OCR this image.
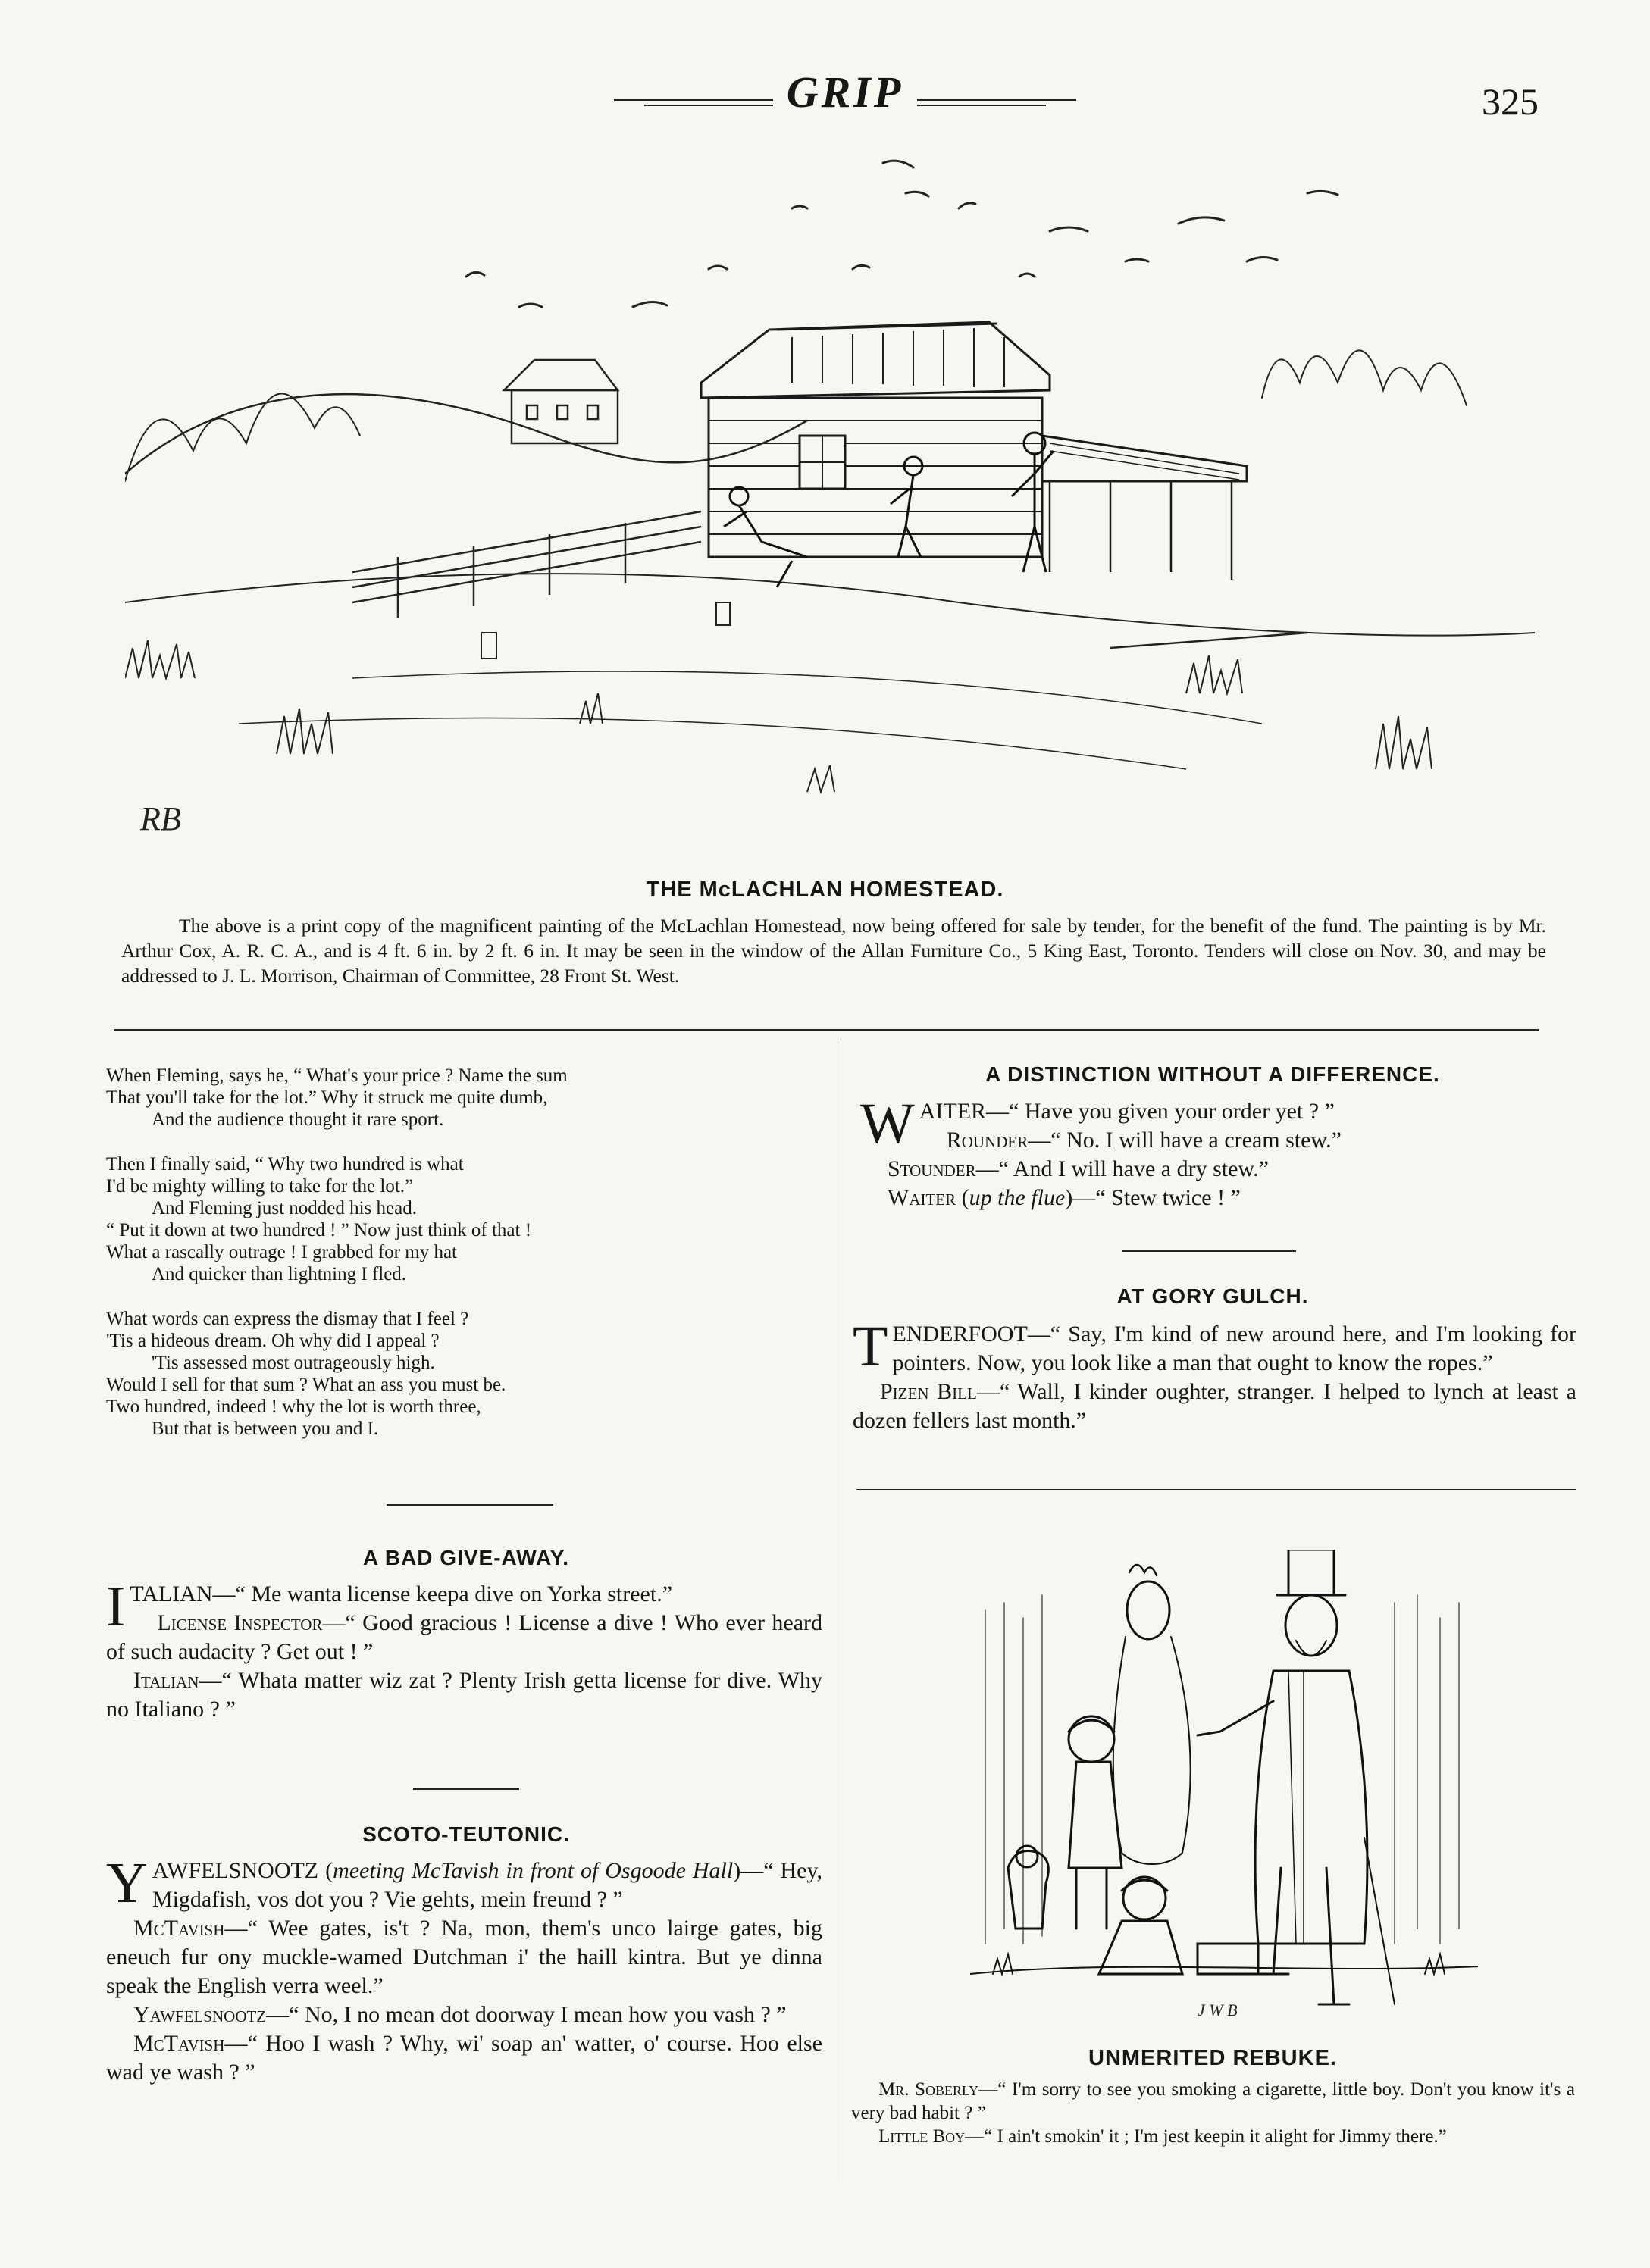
GRIP	325
RB
THE McLACHLAN HOMESTEAD.

The above is a print copy of the magnificent painting of the McLachlan Homestead, now being offered for sale by tender, for the benefit of the fund. The painting is by Mr. Arthur Cox, A. R. C. A., and is 4 ft. 6 in. by 2 ft. 6 in. It may be seen in the window of the Allan Furniture Co., 5 King East, Toronto. Tenders will close on Nov. 30, and may be addressed to J. L. Morrison, Chairman of Committee, 28 Front St. West.

When Fleming, says he, “ What's your price ? Name the sum
That you'll take for the lot.” Why it struck me quite dumb,
And the audience thought it rare sport.
Then I finally said, “ Why two hundred is what
I'd be mighty willing to take for the lot.”
And Fleming just nodded his head.
“ Put it down at two hundred ! ” Now just think of that !
What a rascally outrage ! I grabbed for my hat
And quicker than lightning I fled.
What words can express the dismay that I feel ?
'Tis a hideous dream. Oh why did I appeal ?
'Tis assessed most outrageously high.
Would I sell for that sum ? What an ass you must be.
Two hundred, indeed ! why the lot is worth three,
But that is between you and I.
A BAD GIVE-AWAY.

ITALIAN—“ Me wanta license keepa dive on Yorka street.”

License Inspector—“ Good gracious ! License a dive ! Who ever heard of such audacity ? Get out ! ”

Italian—“ Whata matter wiz zat ? Plenty Irish getta license for dive. Why no Italiano ? ”

SCOTO-TEUTONIC.

YAWFELSNOOTZ (meeting McTavish in front of Osgoode Hall)—“ Hey, Migdafish, vos dot you ? Vie gehts, mein freund ? ”

McTavish—“ Wee gates, is't ? Na, mon, them's unco lairge gates, big eneuch fur ony muckle-wamed Dutchman i' the haill kintra. But ye dinna speak the English verra weel.”

Yawfelsnootz—“ No, I no mean dot doorway I mean how you vash ? ”

McTavish—“ Hoo I wash ? Why, wi' soap an' watter, o' course. Hoo else wad ye wash ? ”

A DISTINCTION WITHOUT A DIFFERENCE.

WAITER—“ Have you given your order yet ? ”

Rounder—“ No. I will have a cream stew.”

Stounder—“ And I will have a dry stew.”

Waiter (up the flue)—“ Stew twice ! ”

AT GORY GULCH.

TENDERFOOT—“ Say, I'm kind of new around here, and I'm looking for pointers. Now, you look like a man that ought to know the ropes.”

Pizen Bill—“ Wall, I kinder oughter, stranger. I helped to lynch at least a dozen fellers last month.”

J W B
UNMERITED REBUKE.

Mr. Soberly—“ I'm sorry to see you smoking a cigarette, little boy. Don't you know it's a very bad habit ? ”

Little Boy—“ I ain't smokin' it ; I'm jest keepin it alight for Jimmy there.”
